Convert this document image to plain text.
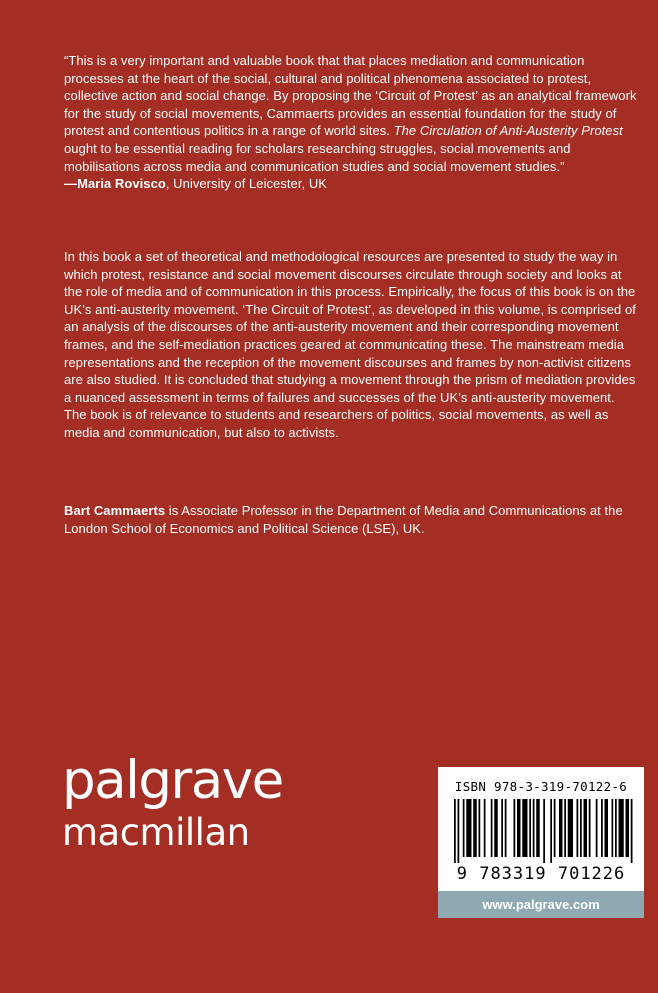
“This is a very important and valuable book that that places mediation and communication processes at the heart of the social, cultural and political phenomena associated to protest, collective action and social change. By proposing the ‘Circuit of Protest’ as an analytical framework for the study of social movements, Cammaerts provides an essential foundation for the study of protest and contentious politics in a range of world sites. The Circulation of Anti-Austerity Protest ought to be essential reading for scholars researching struggles, social movements and mobilisations across media and communication studies and social movement studies.”
—Maria Rovisco, University of Leicester, UK
In this book a set of theoretical and methodological resources are presented to study the way in which protest, resistance and social movement discourses circulate through society and looks at the role of media and of communication in this process. Empirically, the focus of this book is on the UK’s anti-austerity movement. ‘The Circuit of Protest’, as developed in this volume, is comprised of an analysis of the discourses of the anti-austerity movement and their corresponding movement frames, and the self-mediation practices geared at communicating these. The mainstream media representations and the reception of the movement discourses and frames by non-activist citizens are also studied. It is concluded that studying a movement through the prism of mediation provides a nuanced assessment in terms of failures and successes of the UK’s anti-austerity movement. The book is of relevance to students and researchers of politics, social movements, as well as media and communication, but also to activists.
Bart Cammaerts is Associate Professor in the Department of Media and Communications at the London School of Economics and Political Science (LSE), UK.
palgrave
macmillan
ISBN 978-3-319-70122-6
9 783319 701226
www.palgrave.com
